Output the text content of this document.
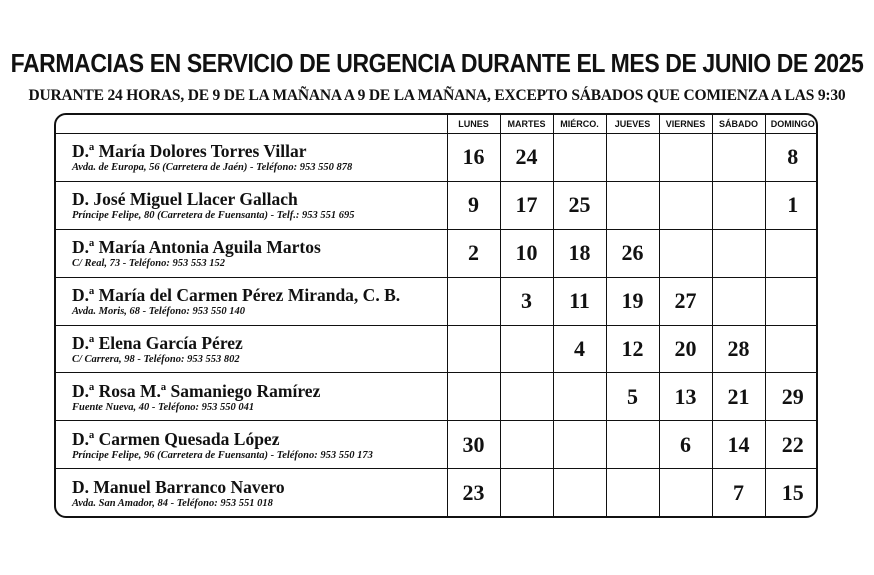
FARMACIAS EN SERVICIO DE URGENCIA DURANTE EL MES DE JUNIO DE 2025
DURANTE 24 HORAS, DE 9 DE LA MAÑANA A 9 DE LA MAÑANA, EXCEPTO SÁBADOS QUE COMIENZA A LAS 9:30
	LUNES	MARTES	MIÉRCO.	JUEVES	VIERNES	SÁBADO	DOMINGO

D.ª María Dolores Torres Villar
Avda. de Europa, 56 (Carretera de Jaén) - Teléfono: 953 550 878	16	24					8

D. José Miguel Llacer Gallach
Príncipe Felipe, 80 (Carretera de Fuensanta) - Telf.: 953 551 695	9	17	25				1

D.ª María Antonia Aguila Martos
C/ Real, 73 - Teléfono: 953 553 152	2	10	18	26			

D.ª María del Carmen Pérez Miranda, C. B.
Avda. Moris, 68 - Teléfono: 953 550 140		3	11	19	27		

D.ª Elena García Pérez
C/ Carrera, 98 - Teléfono: 953 553 802			4	12	20	28	

D.ª Rosa M.ª Samaniego Ramírez
Fuente Nueva, 40 - Teléfono: 953 550 041				5	13	21	29

D.ª Carmen Quesada López
Príncipe Felipe, 96 (Carretera de Fuensanta) - Teléfono: 953 550 173	30				6	14	22

D. Manuel Barranco Navero
Avda. San Amador, 84 - Teléfono: 953 551 018	23					7	15
